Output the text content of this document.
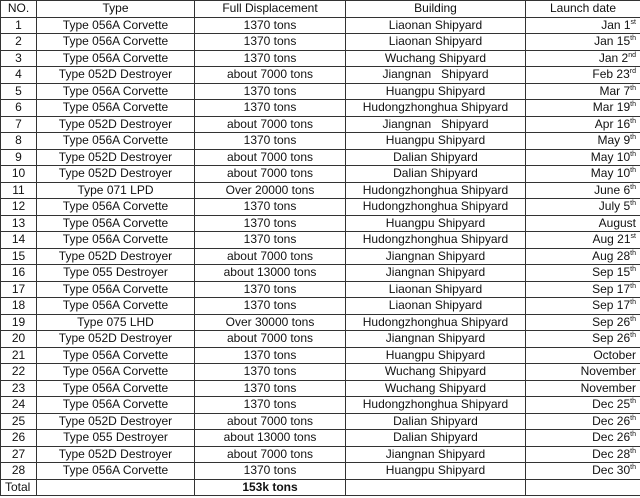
NO.	Type	Full Displacement	Building	Launch date
1	Type 056A Corvette	1370 tons	Liaonan Shipyard	Jan 1st
2	Type 056A Corvette	1370 tons	Liaonan Shipyard	Jan 15th
3	Type 056A Corvette	1370 tons	Wuchang Shipyard	Jan 2nd
4	Type 052D Destroyer	about 7000 tons	Jiangnan   Shipyard	Feb 23rd
5	Type 056A Corvette	1370 tons	Huangpu Shipyard	Mar 7th
6	Type 056A Corvette	1370 tons	Hudongzhonghua Shipyard	Mar 19th
7	Type 052D Destroyer	about 7000 tons	Jiangnan   Shipyard	Apr 16th
8	Type 056A Corvette	1370 tons	Huangpu Shipyard	May 9th
9	Type 052D Destroyer	about 7000 tons	Dalian Shipyard	May 10th
10	Type 052D Destroyer	about 7000 tons	Dalian Shipyard	May 10th
11	Type 071 LPD	Over 20000 tons	Hudongzhonghua Shipyard	June 6th
12	Type 056A Corvette	1370 tons	Hudongzhonghua Shipyard	July 5th
13	Type 056A Corvette	1370 tons	Huangpu Shipyard	August
14	Type 056A Corvette	1370 tons	Hudongzhonghua Shipyard	Aug 21st
15	Type 052D Destroyer	about 7000 tons	Jiangnan Shipyard	Aug 28th
16	Type 055 Destroyer	about 13000 tons	Jiangnan Shipyard	Sep 15th
17	Type 056A Corvette	1370 tons	Liaonan Shipyard	Sep 17th
18	Type 056A Corvette	1370 tons	Liaonan Shipyard	Sep 17th
19	Type 075 LHD	Over 30000 tons	Hudongzhonghua Shipyard	Sep 26th
20	Type 052D Destroyer	about 7000 tons	Jiangnan Shipyard	Sep 26th
21	Type 056A Corvette	1370 tons	Huangpu Shipyard	October
22	Type 056A Corvette	1370 tons	Wuchang Shipyard	November
23	Type 056A Corvette	1370 tons	Wuchang Shipyard	November
24	Type 056A Corvette	1370 tons	Hudongzhonghua Shipyard	Dec 25th
25	Type 052D Destroyer	about 7000 tons	Dalian Shipyard	Dec 26th
26	Type 055 Destroyer	about 13000 tons	Dalian Shipyard	Dec 26th
27	Type 052D Destroyer	about 7000 tons	Jiangnan Shipyard	Dec 28th
28	Type 056A Corvette	1370 tons	Huangpu Shipyard	Dec 30th
Total		153k tons		
